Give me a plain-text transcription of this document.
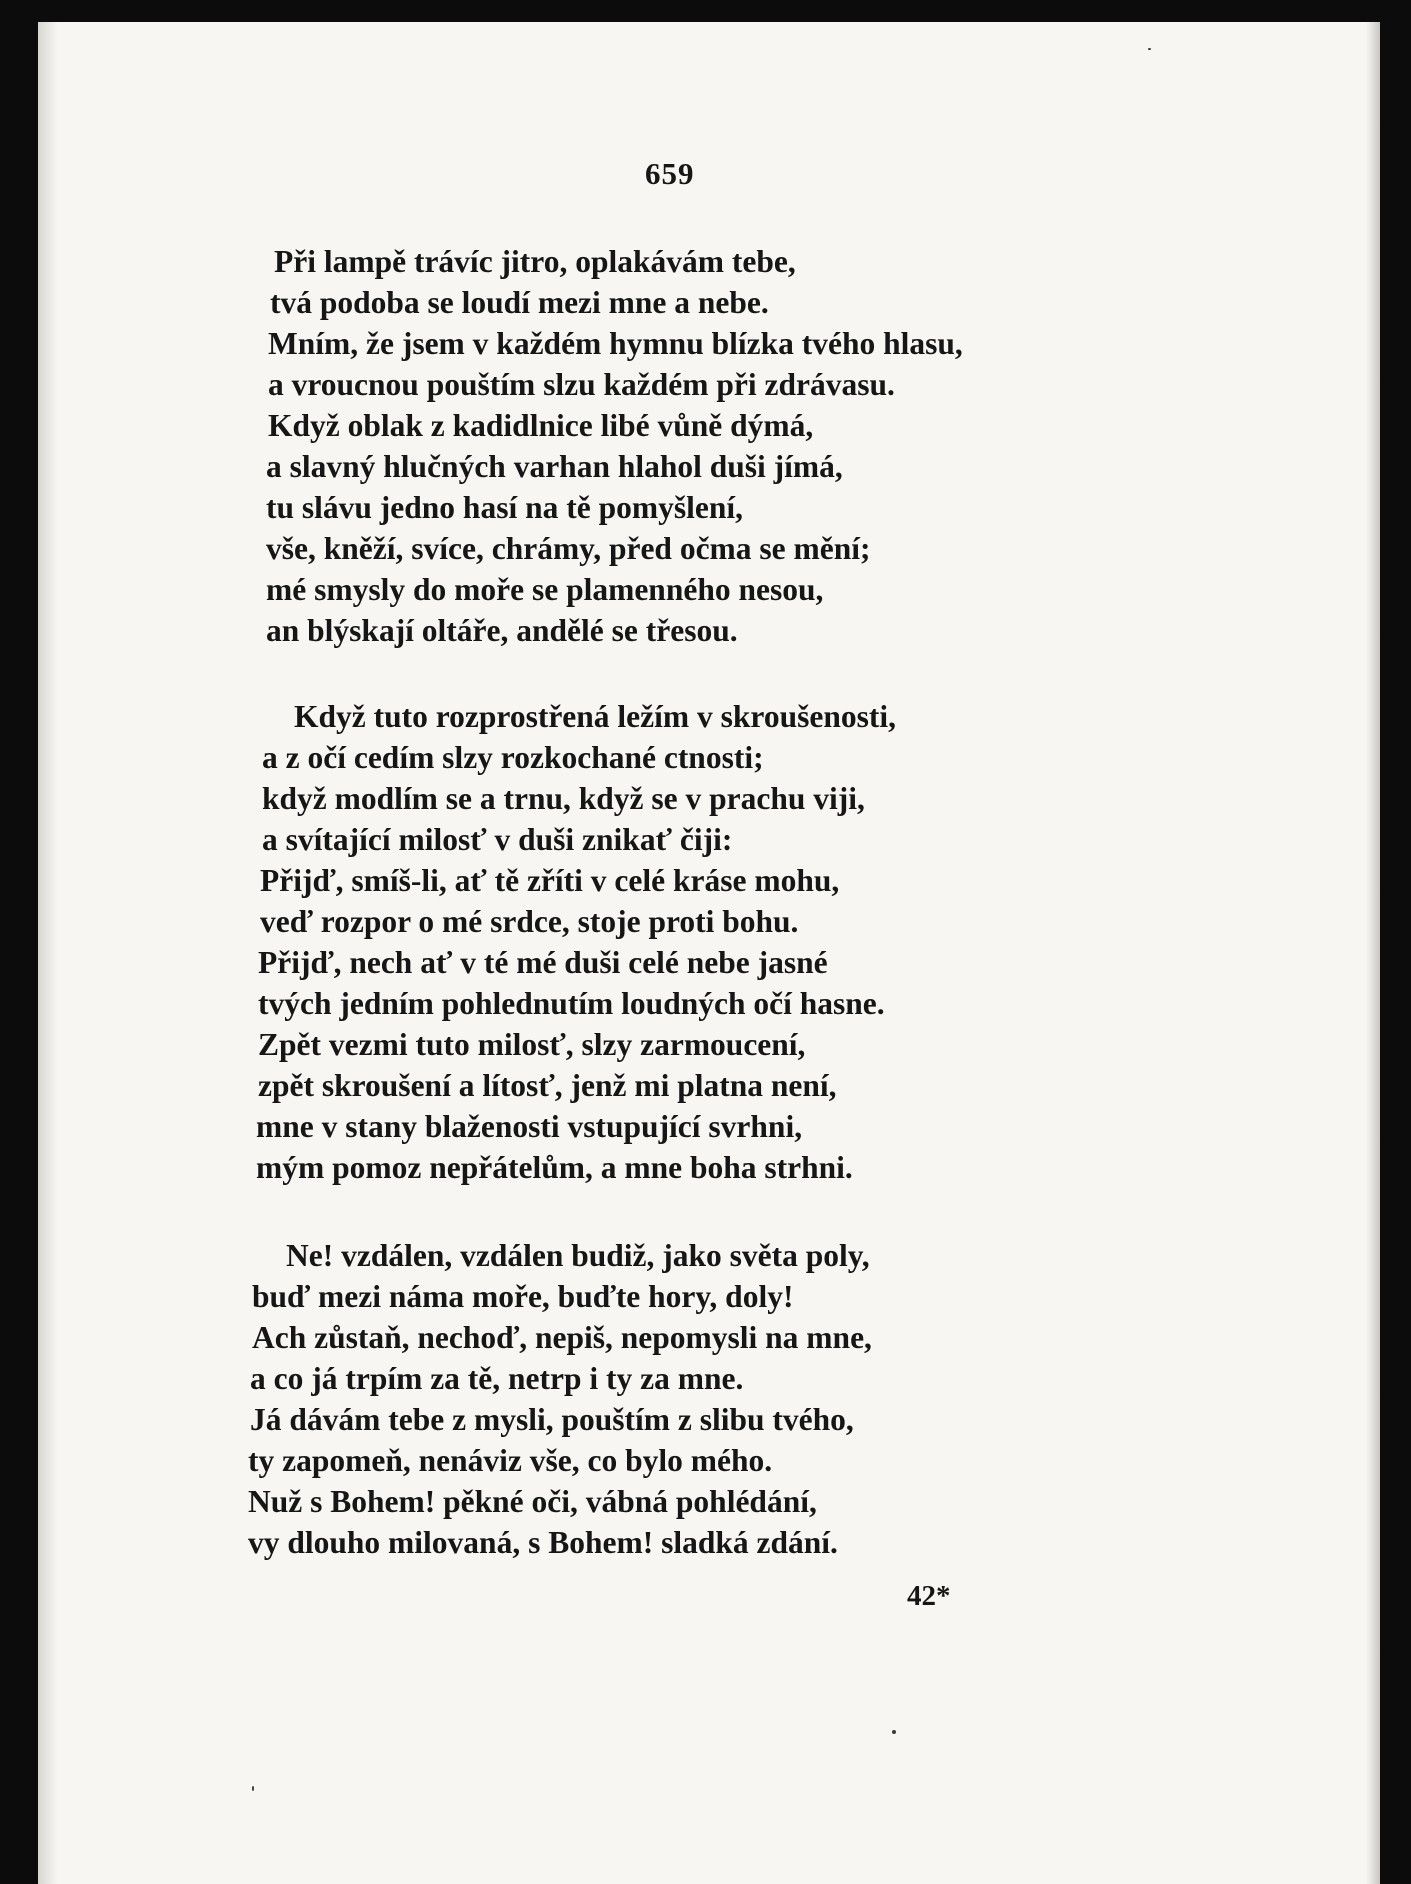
659
Při lampě trávíc jitro, oplakávám tebe,
tvá podoba se loudí mezi mne a nebe.
Mním, že jsem v každém hymnu blízka tvého hlasu,
a vroucnou pouštím slzu každém při zdrávasu.
Když oblak z kadidlnice libé vůně dýmá,
a slavný hlučných varhan hlahol duši jímá,
tu slávu jedno hasí na tě pomyšlení,
vše, kněží, svíce, chrámy, před očma se mění;
mé smysly do moře se plamenného nesou,
an blýskají oltáře, andělé se třesou.
Když tuto rozprostřená ležím v skroušenosti,
a z očí cedím slzy rozkochané ctnosti;
když modlím se a trnu, když se v prachu viji,
a svítající milosť v duši znikať čiji:
Přijď, smíš-li, ať tě zříti v celé kráse mohu,
veď rozpor o mé srdce, stoje proti bohu.
Přijď, nech ať v té mé duši celé nebe jasné
tvých jedním pohlednutím loudných očí hasne.
Zpět vezmi tuto milosť, slzy zarmoucení,
zpět skroušení a lítosť, jenž mi platna není,
mne v stany blaženosti vstupující svrhni,
mým pomoz nepřátelům, a mne boha strhni.
Ne! vzdálen, vzdálen budiž, jako světa poly,
buď mezi náma moře, buďte hory, doly!
Ach zůstaň, nechoď, nepiš, nepomysli na mne,
a co já trpím za tě, netrp i ty za mne.
Já dávám tebe z mysli, pouštím z slibu tvého,
ty zapomeň, nenáviz vše, co bylo mého.
Nuž s Bohem! pěkné oči, vábná pohlédání,
vy dlouho milovaná, s Bohem! sladká zdání.
42*
